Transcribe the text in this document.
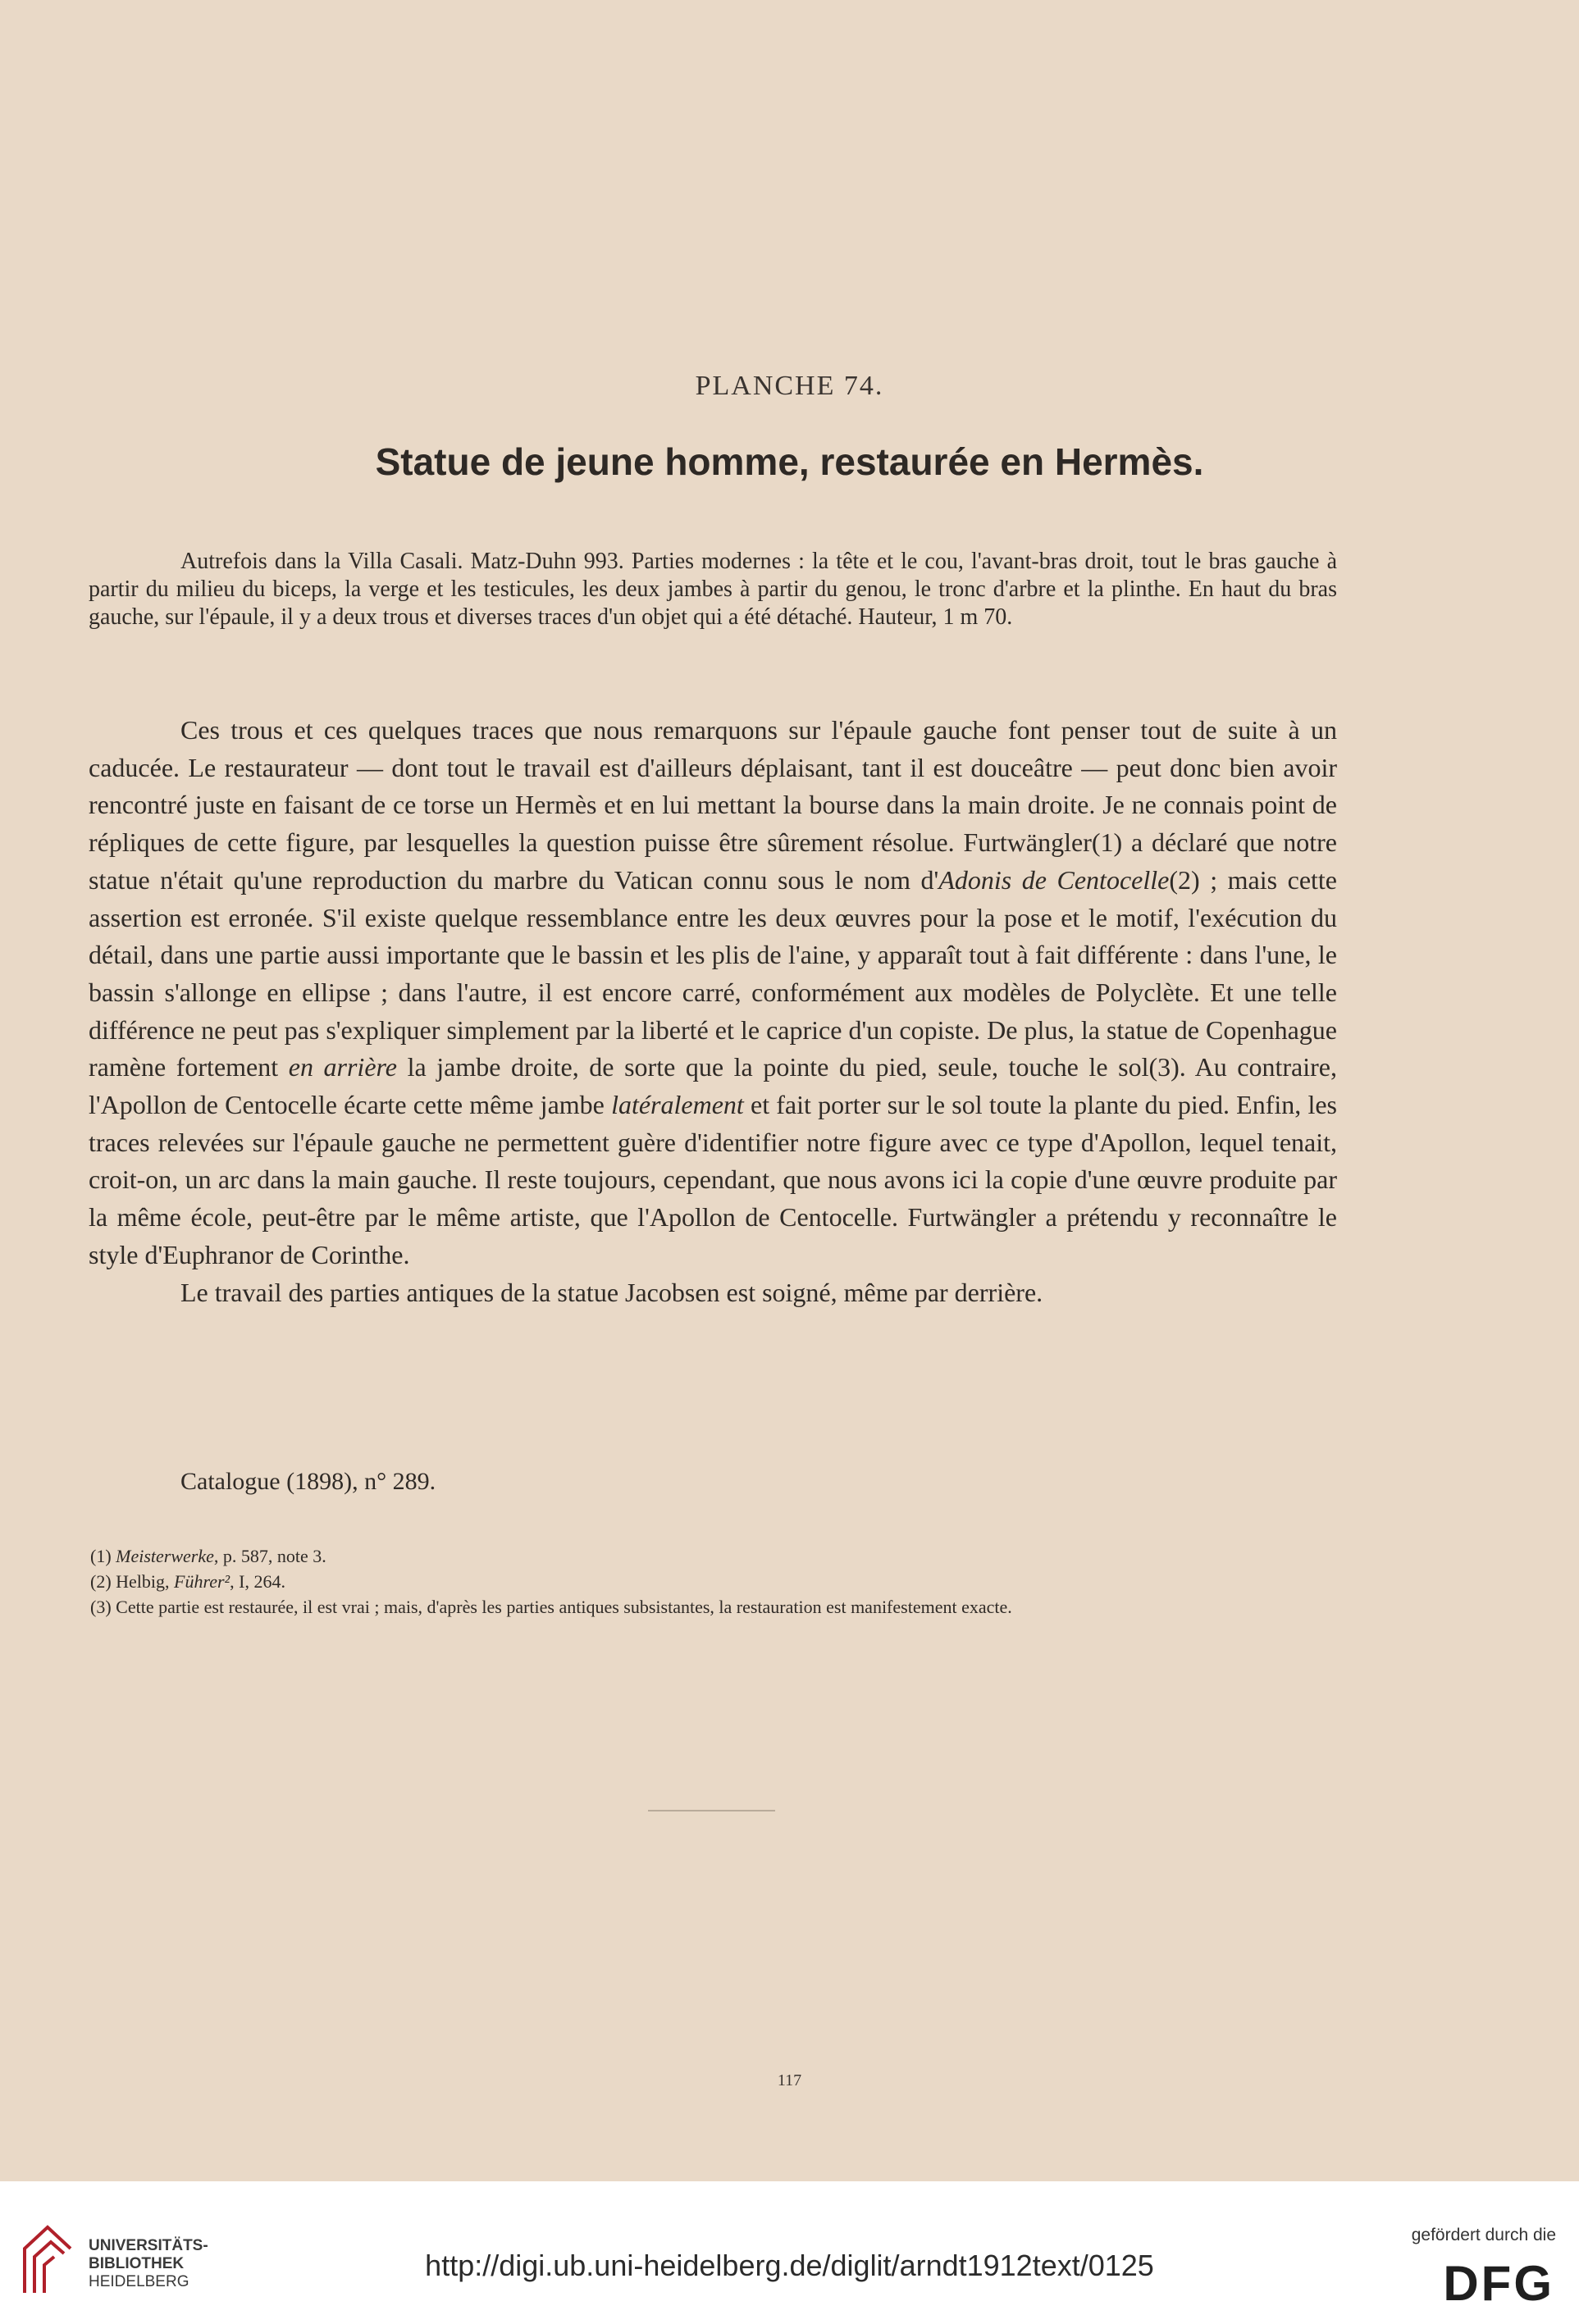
PLANCHE 74.
Statue de jeune homme, restaurée en Hermès.

Autrefois dans la Villa Casali. Matz-Duhn 993. Parties modernes : la tête et le cou, l'avant-bras droit, tout le bras gauche à partir du milieu du biceps, la verge et les testicules, les deux jambes à partir du genou, le tronc d'arbre et la plinthe. En haut du bras gauche, sur l'épaule, il y a deux trous et diverses traces d'un objet qui a été détaché. Hauteur, 1 m 70.

Ces trous et ces quelques traces que nous remarquons sur l'épaule gauche font penser tout de suite à un caducée. Le restaurateur — dont tout le travail est d'ailleurs déplaisant, tant il est douceâtre — peut donc bien avoir rencontré juste en faisant de ce torse un Hermès et en lui mettant la bourse dans la main droite. Je ne connais point de répliques de cette figure, par lesquelles la question puisse être sûrement résolue. Furtwängler(1) a déclaré que notre statue n'était qu'une reproduction du marbre du Vatican connu sous le nom d'Adonis de Centocelle(2) ; mais cette assertion est erronée. S'il existe quelque ressemblance entre les deux œuvres pour la pose et le motif, l'exécution du détail, dans une partie aussi importante que le bassin et les plis de l'aine, y apparaît tout à fait différente : dans l'une, le bassin s'allonge en ellipse ; dans l'autre, il est encore carré, conformément aux modèles de Polyclète. Et une telle différence ne peut pas s'expliquer simplement par la liberté et le caprice d'un copiste. De plus, la statue de Copenhague ramène fortement en arrière la jambe droite, de sorte que la pointe du pied, seule, touche le sol(3). Au contraire, l'Apollon de Centocelle écarte cette même jambe latéralement et fait porter sur le sol toute la plante du pied. Enfin, les traces relevées sur l'épaule gauche ne permettent guère d'identifier notre figure avec ce type d'Apollon, lequel tenait, croit-on, un arc dans la main gauche. Il reste toujours, cependant, que nous avons ici la copie d'une œuvre produite par la même école, peut-être par le même artiste, que l'Apollon de Centocelle. Furtwängler a prétendu y reconnaître le style d'Euphranor de Corinthe.

Le travail des parties antiques de la statue Jacobsen est soigné, même par derrière.

Catalogue (1898), n° 289.

(1) Meisterwerke, p. 587, note 3.

(2) Helbig, Führer², I, 264.

(3) Cette partie est restaurée, il est vrai ; mais, d'après les parties antiques subsistantes, la restauration est manifestement exacte.

117
UNIVERSITÄTS-
BIBLIOTHEK
HEIDELBERG	http://digi.ub.uni-heidelberg.de/diglit/arndt1912text/0125
gefördert durch die
DFG
